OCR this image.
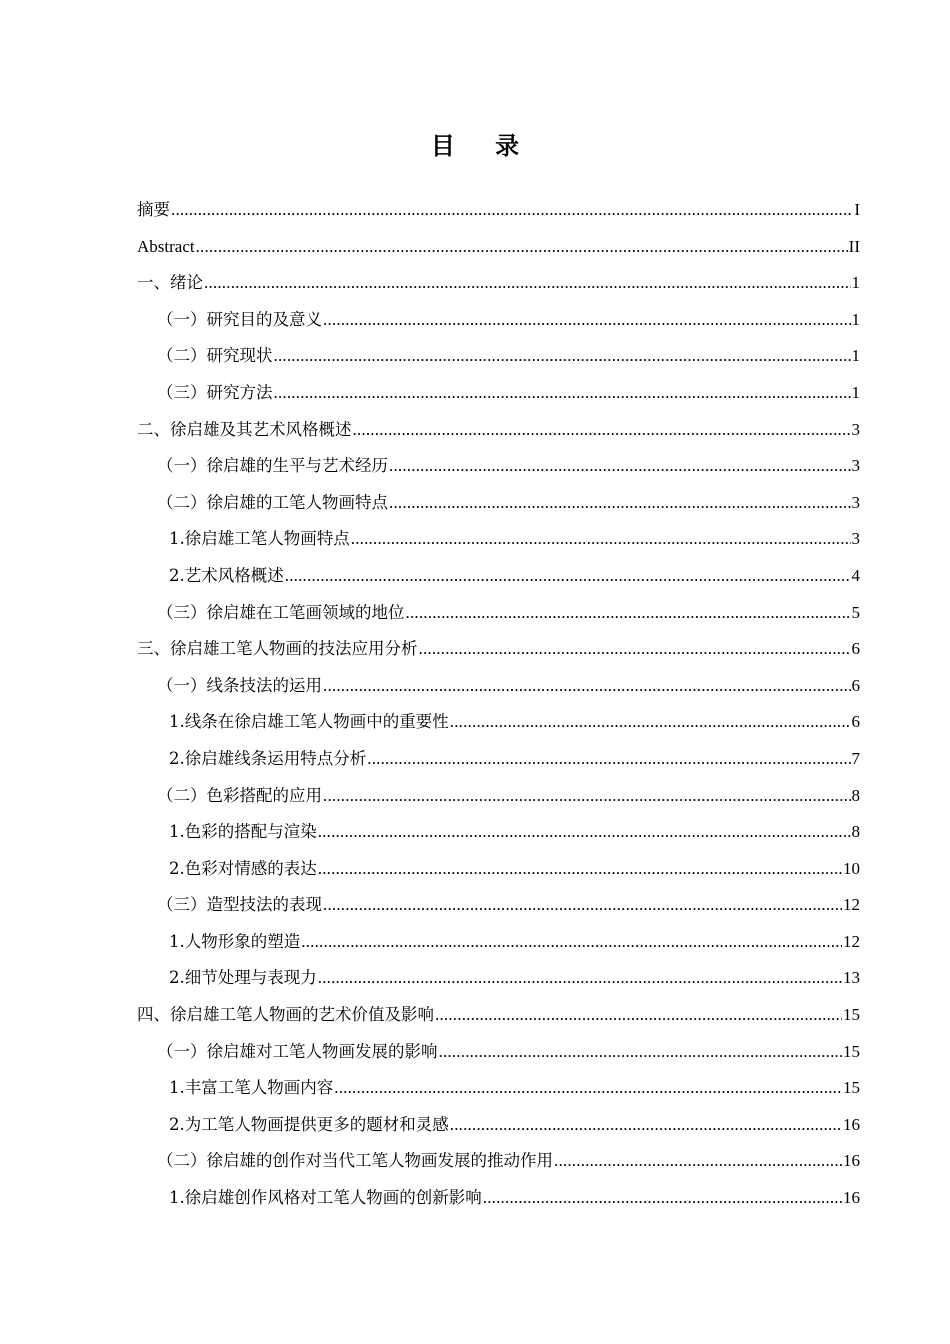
目 录
摘要 .....	I
Abstract .....	II
一、绪论 .....	1
（一）研究目的及意义 .....	1
（二）研究现状 .....	1
（三）研究方法 .....	1
二、徐启雄及其艺术风格概述 .....	3
（一）徐启雄的生平与艺术经历 .....	3
（二）徐启雄的工笔人物画特点 .....	3
1.徐启雄工笔人物画特点 .....	3
2.艺术风格概述 .....	4
（三）徐启雄在工笔画领域的地位 .....	5
三、徐启雄工笔人物画的技法应用分析 .....	6
（一）线条技法的运用 .....	6
1.线条在徐启雄工笔人物画中的重要性 .....	6
2.徐启雄线条运用特点分析 .....	7
（二）色彩搭配的应用 .....	8
1.色彩的搭配与渲染 .....	8
2.色彩对情感的表达 .....	10
（三）造型技法的表现 .....	12
1.人物形象的塑造 .....	12
2.细节处理与表现力 .....	13
四、徐启雄工笔人物画的艺术价值及影响 .....	15
（一）徐启雄对工笔人物画发展的影响 .....	15
1.丰富工笔人物画内容 .....	15
2.为工笔人物画提供更多的题材和灵感 .....	16
（二）徐启雄的创作对当代工笔人物画发展的推动作用 .....	16
1.徐启雄创作风格对工笔人物画的创新影响 .....	16
